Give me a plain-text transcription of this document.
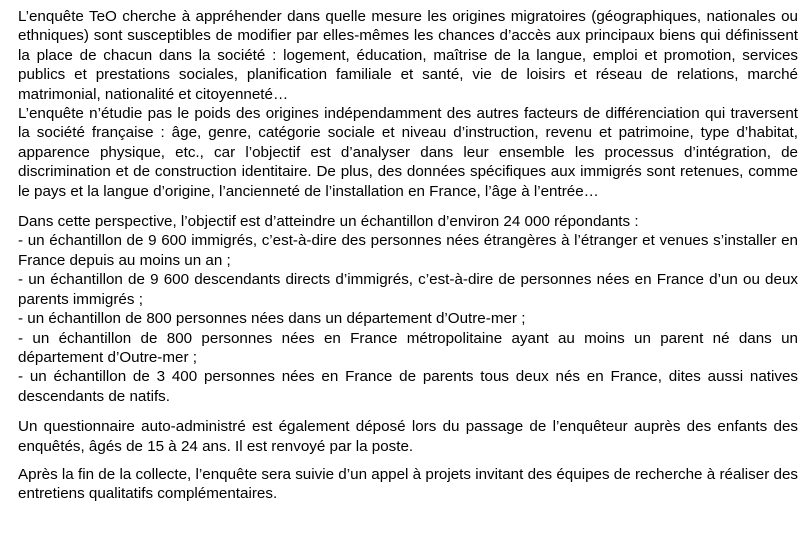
L’enquête TeO cherche à appréhender dans quelle mesure les origines migratoires (géographiques, nationales ou ethniques) sont susceptibles de modifier par elles-mêmes les chances d’accès aux principaux biens qui définissent la place de chacun dans la société : logement, éducation, maîtrise de la langue, emploi et promotion, services publics et prestations sociales, planification familiale et santé, vie de loisirs et réseau de relations, marché matrimonial, nationalité et citoyenneté…

L’enquête n’étudie pas le poids des origines indépendamment des autres facteurs de différenciation qui traversent la société française : âge, genre, catégorie sociale et niveau d’instruction, revenu et patrimoine, type d’habitat, apparence physique, etc., car l’objectif est d’analyser dans leur ensemble les processus d’intégration, de discrimination et de construction identitaire. De plus, des données spécifiques aux immigrés sont retenues, comme le pays et la langue d’origine, l’ancienneté de l’installation en France, l’âge à l’entrée…

Dans cette perspective, l’objectif est d’atteindre un échantillon d’environ 24 000 répondants :

- un échantillon de 9 600 immigrés, c’est-à-dire des personnes nées étrangères à l’étranger et venues s’installer en France depuis au moins un an ;

- un échantillon de 9 600 descendants directs d’immigrés, c’est-à-dire de personnes nées en France d’un ou deux parents immigrés ;

- un échantillon de 800 personnes nées dans un département d’Outre-mer ;

- un échantillon de 800 personnes nées en France métropolitaine ayant au moins un parent né dans un département d’Outre-mer ;

- un échantillon de 3 400 personnes nées en France de parents tous deux nés en France, dites aussi natives descendants de natifs.

Un questionnaire auto-administré est également déposé lors du passage de l’enquêteur auprès des enfants des enquêtés, âgés de 15 à 24 ans. Il est renvoyé par la poste.

Après la fin de la collecte, l’enquête sera suivie d’un appel à projets invitant des équipes de recherche à réaliser des entretiens qualitatifs complémentaires.
